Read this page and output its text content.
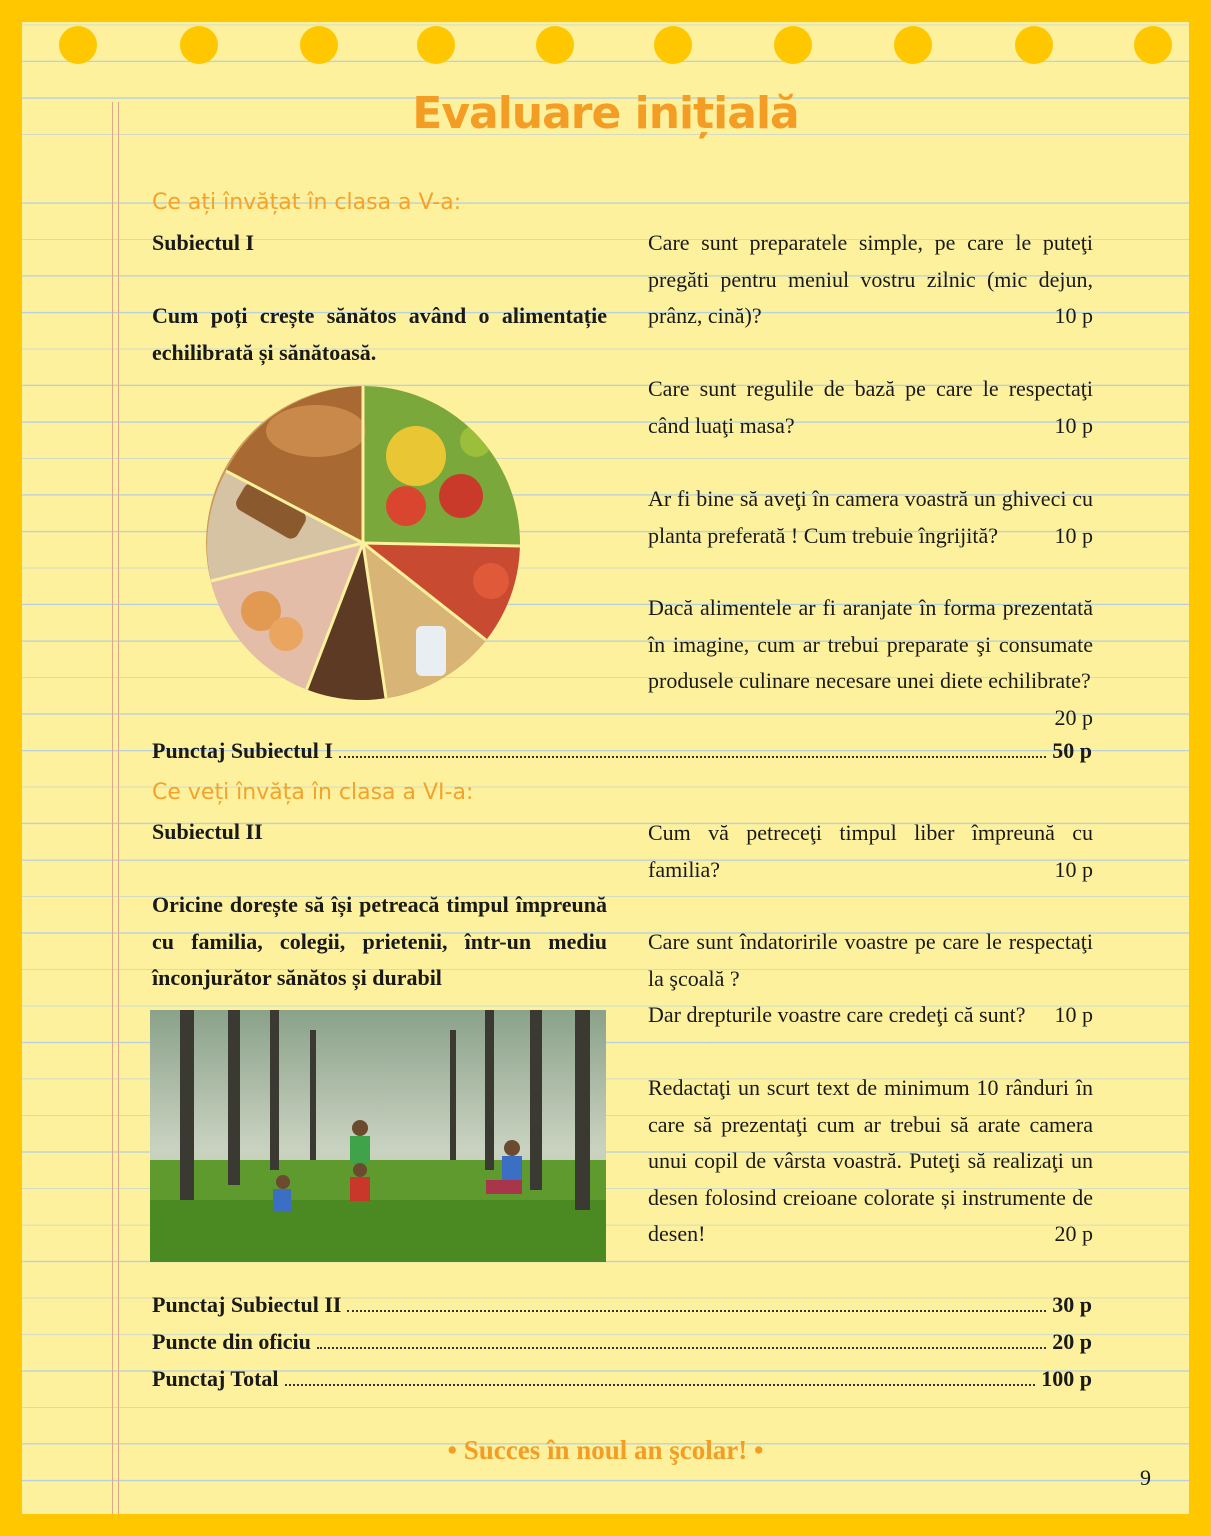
Evaluare inițială
Ce ați învățat în clasa a V-a:
Subiectul I
Cum poți crește sănătos având o alimentație echilibrată și sănătoasă.
Care sunt preparatele simple, pe care le puteţi pregăti pentru meniul vostru zilnic (mic dejun, prânz, cină)?	10 p
Care sunt regulile de bază pe care le respectaţi când luaţi masa?	10 p
Ar fi bine să aveţi în camera voastră un ghiveci cu planta preferată ! Cum trebuie îngrijită?	10 p
Dacă alimentele ar fi aranjate în forma prezentată în imagine, cum ar trebui preparate şi consumate produsele culinare necesare unei diete echilibrate?
20 p
Punctaj Subiectul I	50 p
Ce veți învăța în clasa a VI-a:
Subiectul II
Oricine dorește să își petreacă timpul împreună cu familia, colegii, prietenii, într-un mediu înconjurător sănătos și durabil
Cum vă petreceţi timpul liber împreună cu familia?	10 p
Care sunt îndatoririle voastre pe care le respectaţi la şcoală ?
Dar drepturile voastre care credeţi că sunt? 10 p
Redactaţi un scurt text de minimum 10 rânduri în care să prezentaţi cum ar trebui să arate camera unui copil de vârsta voastră. Puteţi să realizaţi un desen folosind creioane colorate și instrumente de desen!	20 p
Punctaj Subiectul II	30 p
Puncte din oficiu	20 p
Punctaj Total	100 p
• Succes în noul an şcolar! •
9
